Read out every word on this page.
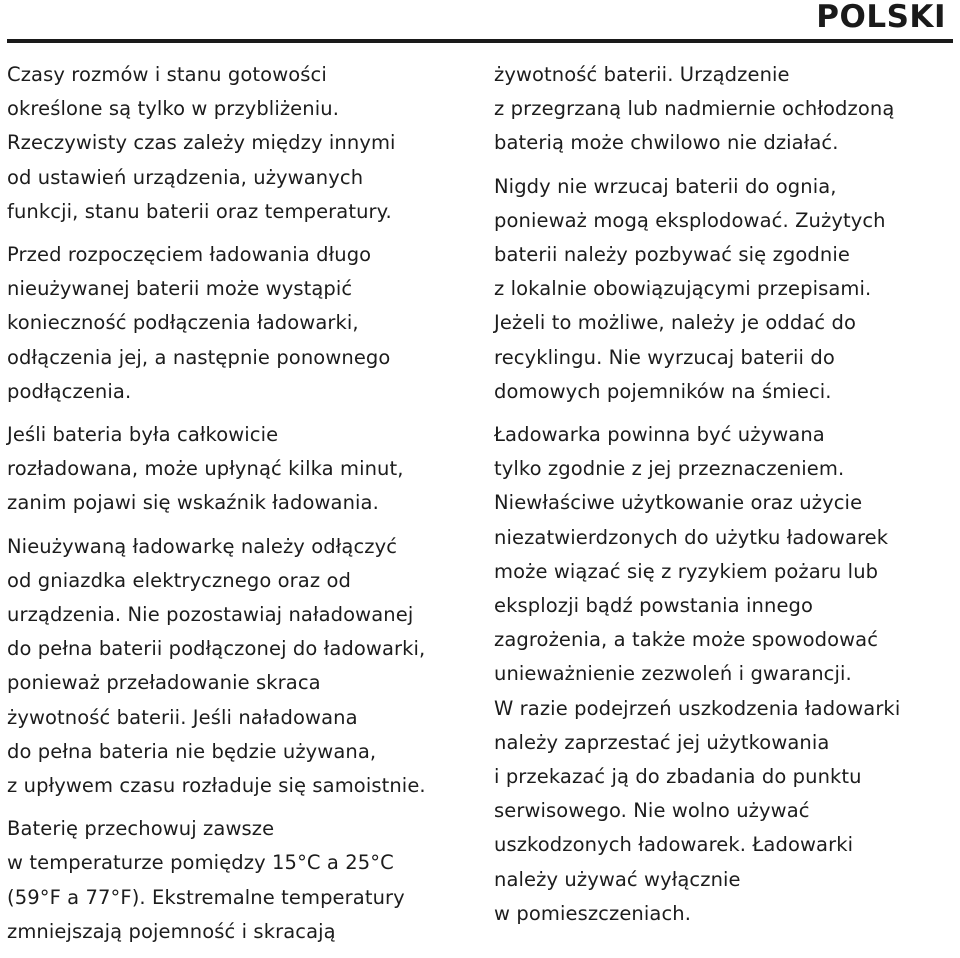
POLSKI
Czasy rozmów i stanu gotowości
określone są tylko w przybliżeniu.
Rzeczywisty czas zależy między innymi
od ustawień urządzenia, używanych
funkcji, stanu baterii oraz temperatury.
Przed rozpoczęciem ładowania długo
nieużywanej baterii może wystąpić
konieczność podłączenia ładowarki,
odłączenia jej, a następnie ponownego
podłączenia.
Jeśli bateria była całkowicie
rozładowana, może upłynąć kilka minut,
zanim pojawi się wskaźnik ładowania.
Nieużywaną ładowarkę należy odłączyć
od gniazdka elektrycznego oraz od
urządzenia. Nie pozostawiaj naładowanej
do pełna baterii podłączonej do ładowarki,
ponieważ przeładowanie skraca
żywotność baterii. Jeśli naładowana
do pełna bateria nie będzie używana,
z upływem czasu rozładuje się samoistnie.
Baterię przechowuj zawsze
w temperaturze pomiędzy 15°C a 25°C
(59°F a 77°F). Ekstremalne temperatury
zmniejszają pojemność i skracają
żywotność baterii. Urządzenie
z przegrzaną lub nadmiernie ochłodzoną
baterią może chwilowo nie działać.
Nigdy nie wrzucaj baterii do ognia,
ponieważ mogą eksplodować. Zużytych
baterii należy pozbywać się zgodnie
z lokalnie obowiązującymi przepisami.
Jeżeli to możliwe, należy je oddać do
recyklingu. Nie wyrzucaj baterii do
domowych pojemników na śmieci.
Ładowarka powinna być używana
tylko zgodnie z jej przeznaczeniem.
Niewłaściwe użytkowanie oraz użycie
niezatwierdzonych do użytku ładowarek
może wiązać się z ryzykiem pożaru lub
eksplozji bądź powstania innego
zagrożenia, a także może spowodować
unieważnienie zezwoleń i gwarancji.
W razie podejrzeń uszkodzenia ładowarki
należy zaprzestać jej użytkowania
i przekazać ją do zbadania do punktu
serwisowego. Nie wolno używać
uszkodzonych ładowarek. Ładowarki
należy używać wyłącznie
w pomieszczeniach.
